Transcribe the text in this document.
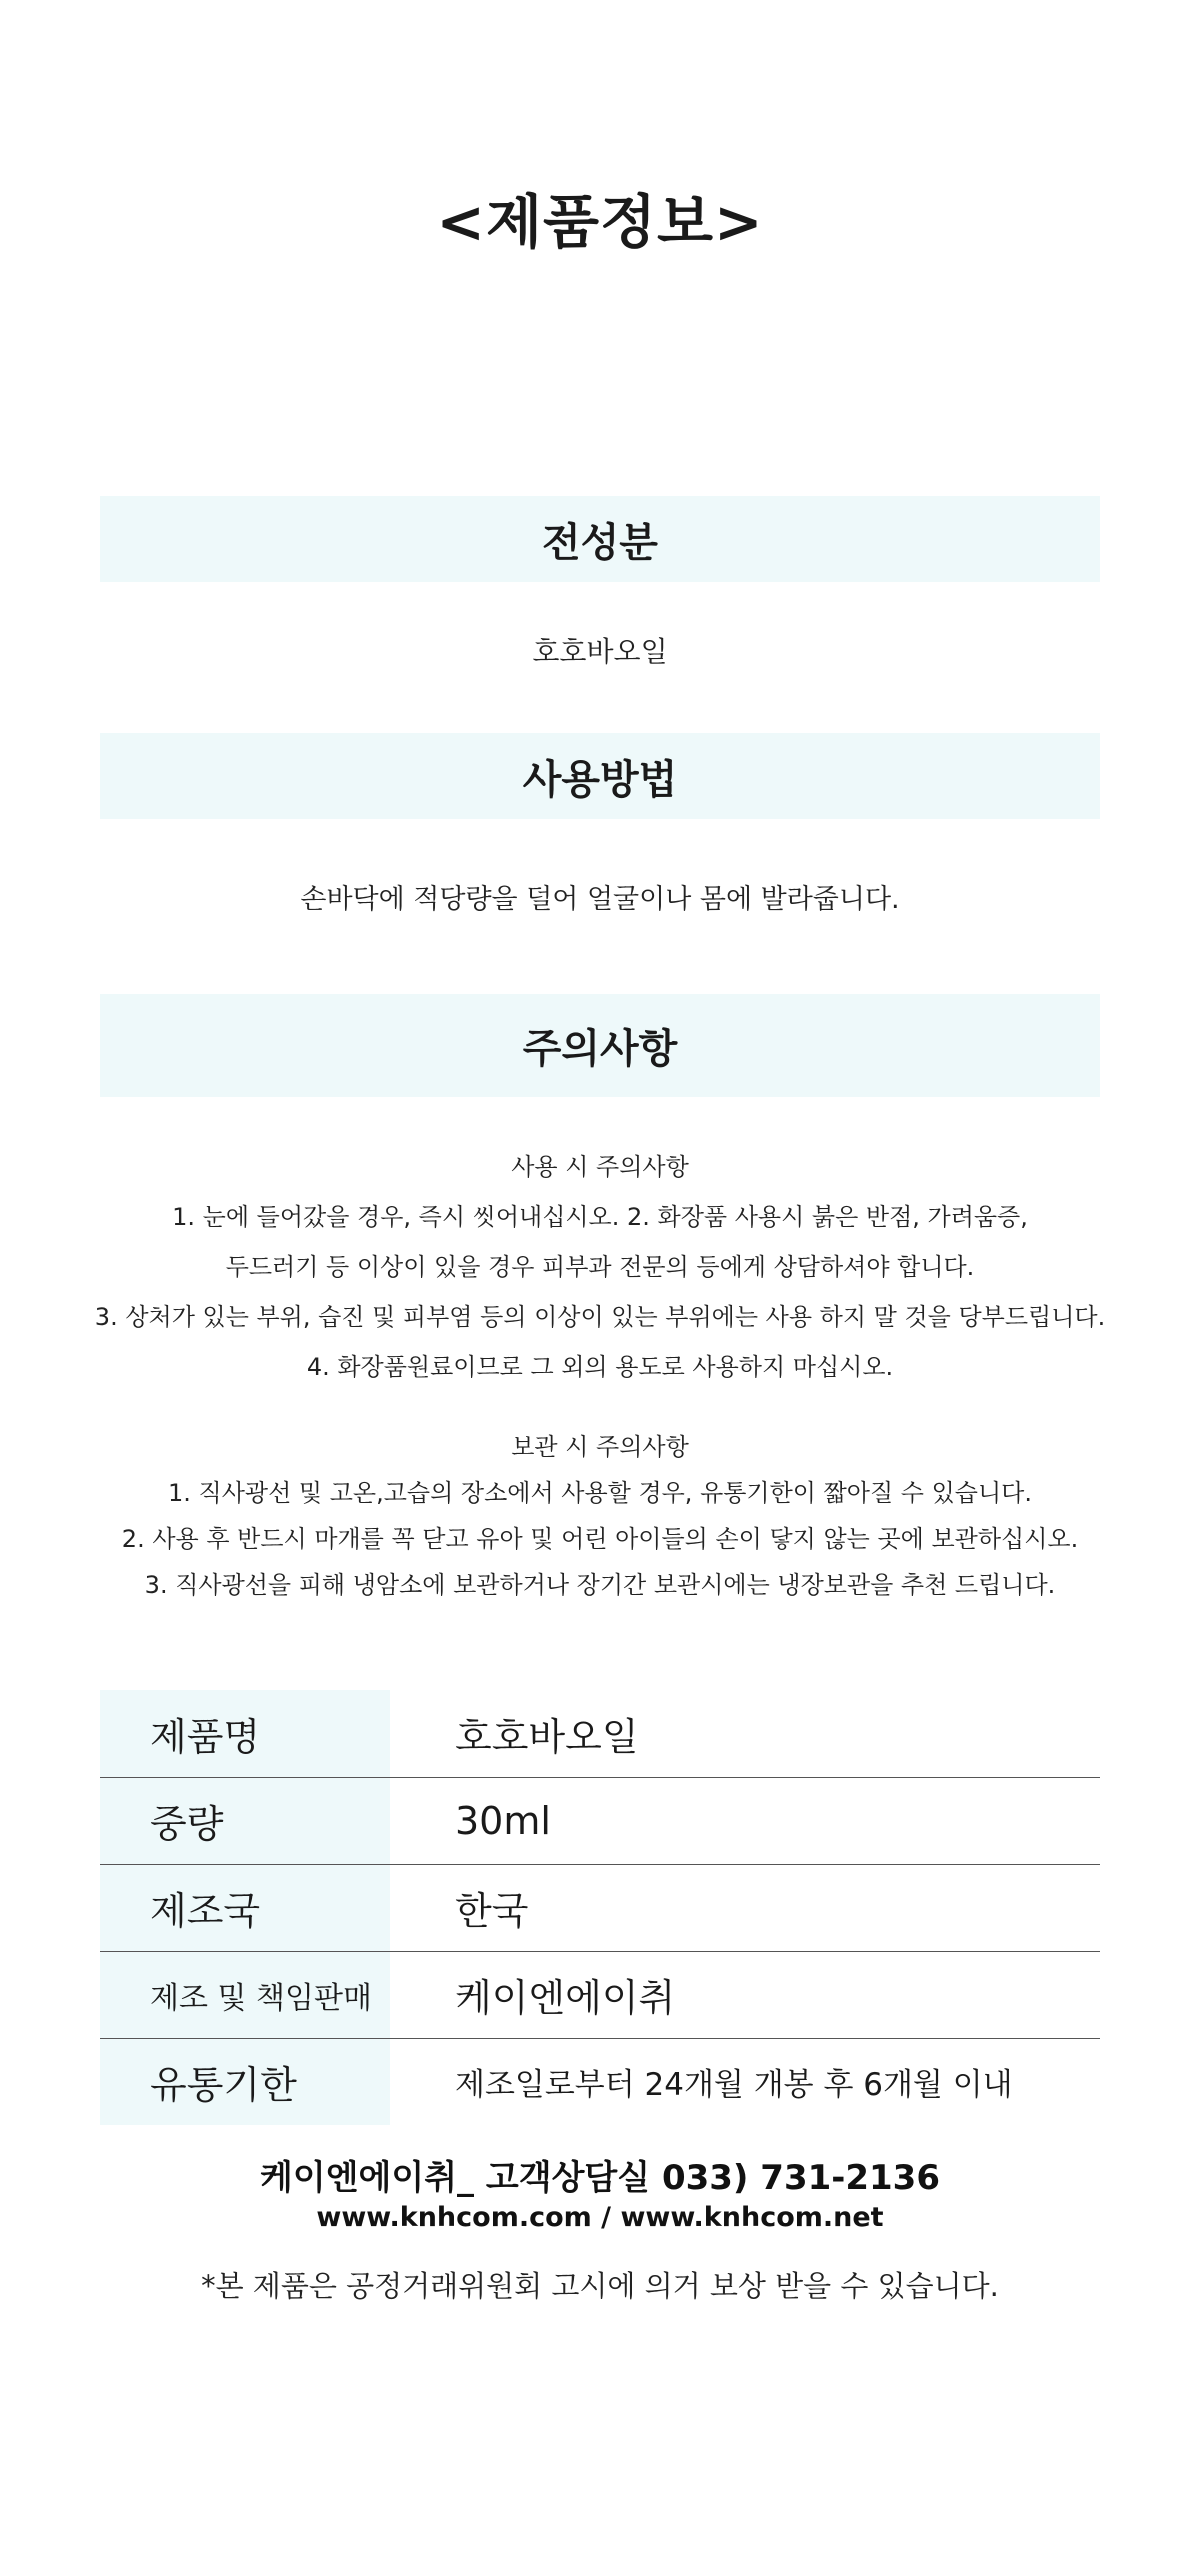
<제품정보>
전성분
호호바오일
사용방법
손바닥에 적당량을 덜어 얼굴이나 몸에 발라줍니다.
주의사항

사용 시 주의사항

1. 눈에 들어갔을 경우, 즉시 씻어내십시오. 2. 화장품 사용시 붉은 반점, 가려움증,

두드러기 등 이상이 있을 경우 피부과 전문의 등에게 상담하셔야 합니다.

3. 상처가 있는 부위, 습진 및 피부염 등의 이상이 있는 부위에는 사용 하지 말 것을 당부드립니다.

4. 화장품원료이므로 그 외의 용도로 사용하지 마십시오.

보관 시 주의사항

1. 직사광선 및 고온,고습의 장소에서 사용할 경우, 유통기한이 짧아질 수 있습니다.

2. 사용 후 반드시 마개를 꼭 닫고 유아 및 어린 아이들의 손이 닿지 않는 곳에 보관하십시오.

3. 직사광선을 피해 냉암소에 보관하거나 장기간 보관시에는 냉장보관을 추천 드립니다.

제품명	호호바오일
중량	30ml
제조국	한국
제조 및 책임판매	케이엔에이취
유통기한	제조일로부터 24개월 개봉 후 6개월 이내
케이엔에이취_ 고객상담실 033) 731-2136
www.knhcom.com / www.knhcom.net
*본 제품은 공정거래위원회 고시에 의거 보상 받을 수 있습니다.
